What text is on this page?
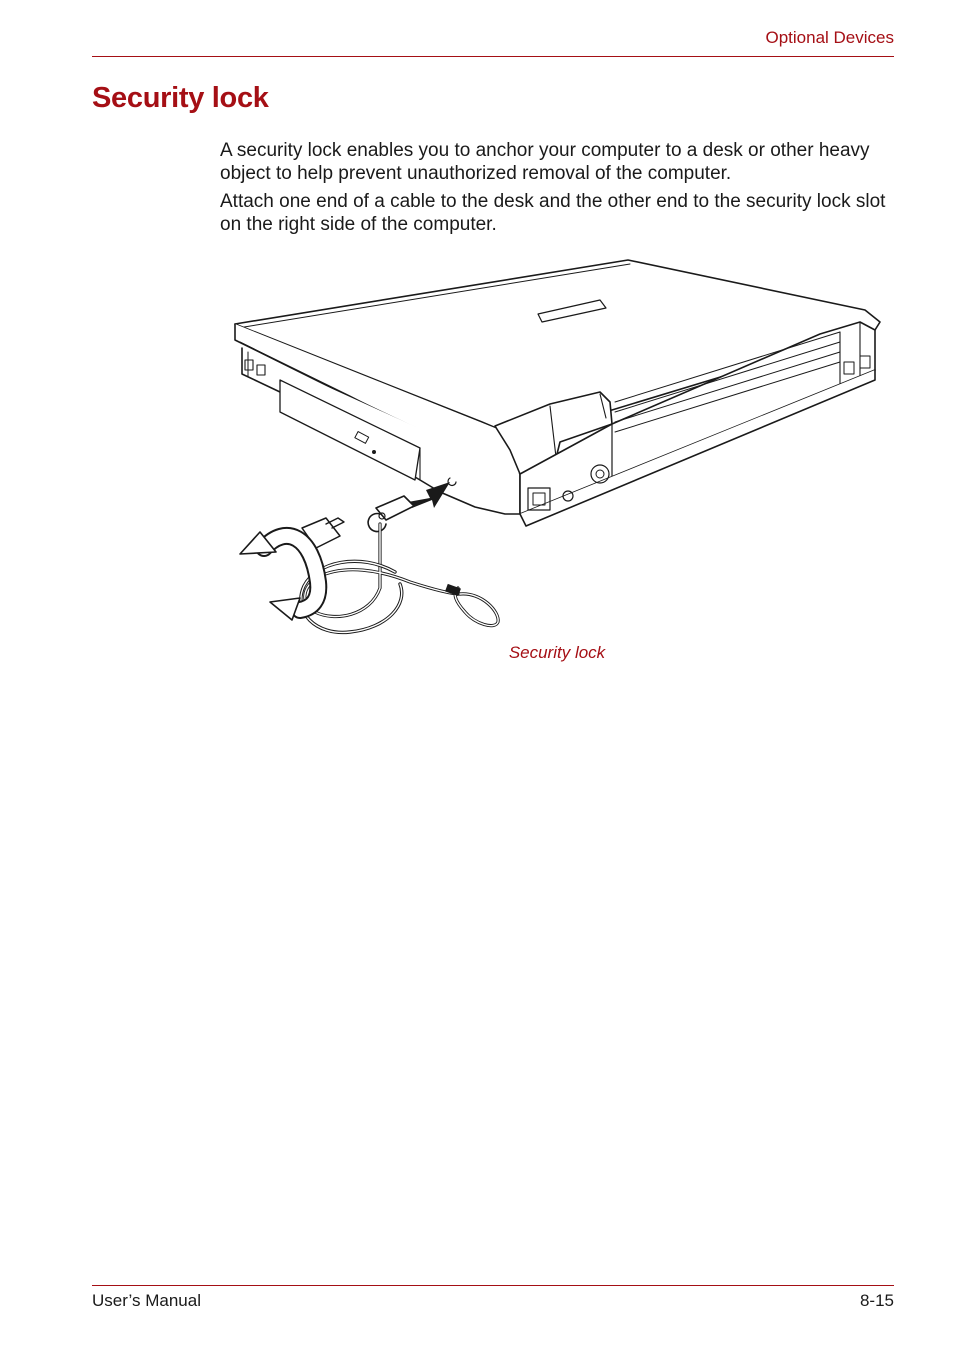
Optional Devices
Security lock

A security lock enables you to anchor your computer to a desk or other heavy object to help prevent unauthorized removal of the computer.

Attach one end of a cable to the desk and the other end to the security lock slot on the right side of the computer.

Security lock
User’s Manual	8-15
